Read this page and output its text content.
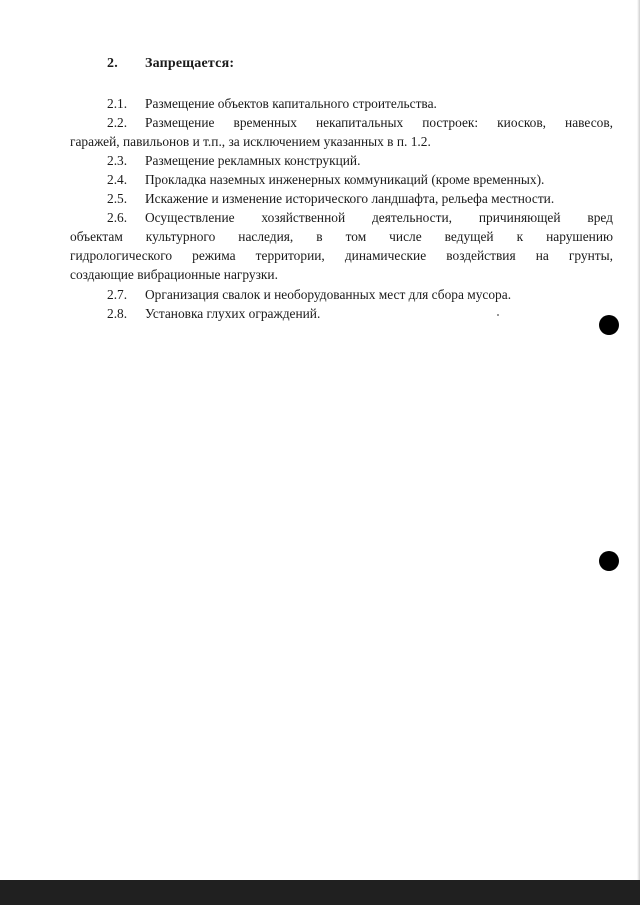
2. Запрещается:
2.1. Размещение объектов капитального строительства.
2.2. Размещение временных некапитальных построек: киосков, навесов,
гаражей, павильонов и т.п., за исключением указанных в п. 1.2.
2.3. Размещение рекламных конструкций.
2.4. Прокладка наземных инженерных коммуникаций (кроме временных).
2.5. Искажение и изменение исторического ландшафта, рельефа местности.
2.6. Осуществление хозяйственной деятельности, причиняющей вред
объектам культурного наследия, в том числе ведущей к нарушению
гидрологического режима территории, динамические воздействия на грунты,
создающие вибрационные нагрузки.
2.7. Организация свалок и необорудованных мест для сбора мусора.
2.8. Установка глухих ограждений.
